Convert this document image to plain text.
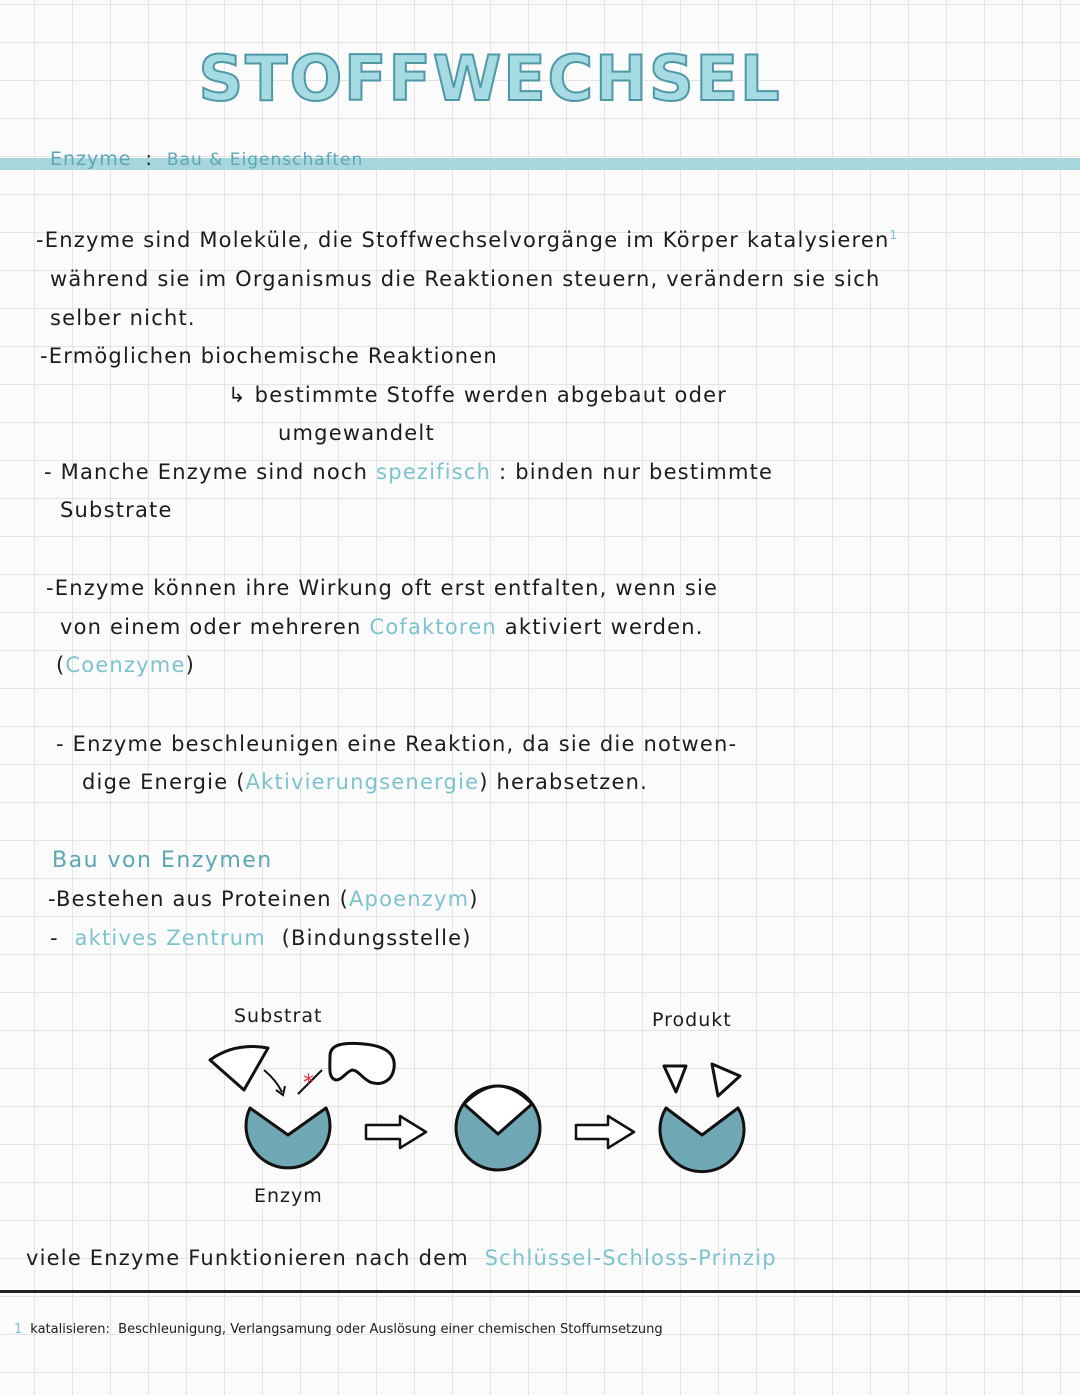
STOFFWECHSEL
Enzyme : Bau & Eigenschaften
-Enzyme sind Moleküle, die Stoffwechselvorgänge im Körper katalysieren$^1$
während sie im Organismus die Reaktionen steuern, verändern sie sich
selber nicht.
-Ermöglichen biochemische Reaktionen
↳ bestimmte Stoffe werden abgebaut oder
umgewandelt
- Manche Enzyme sind noch spezifisch : binden nur bestimmte
Substrate
-Enzyme können ihre Wirkung oft erst entfalten, wenn sie
von einem oder mehreren Cofaktoren aktiviert werden.
(Coenzyme)
- Enzyme beschleunigen eine Reaktion, da sie die notwen-
dige Energie (Aktivierungsenergie) herabsetzen.
Bau von Enzymen
-Bestehen aus Proteinen (Apoenzym)
- aktives Zentrum (Bindungsstelle)
Substrat	Produkt
Enzym
*
viele Enzyme Funktionieren nach dem Schlüssel-Schloss-Prinzip
1 katalisieren: Beschleunigung, Verlangsamung oder Auslösung einer chemischen Stoffumsetzung
